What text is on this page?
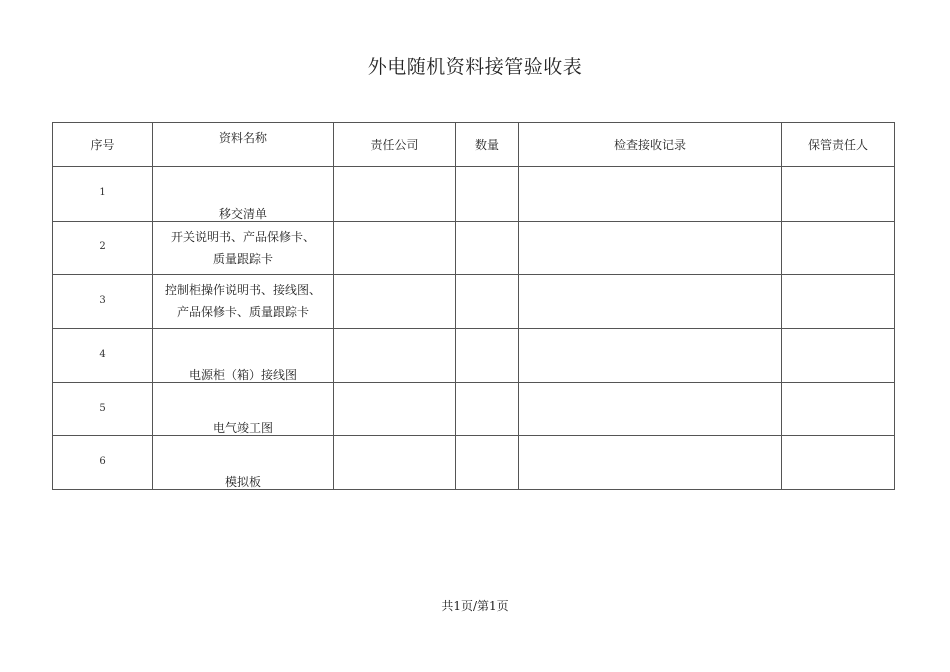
外电随机资料接管验收表
序号	资料名称	责任公司	数量	检查接收记录	保管责任人

1	移交清单				

2	开关说明书、产品保修卡、
质量跟踪卡				

3	控制柜操作说明书、接线图、
产品保修卡、质量跟踪卡				

4	电源柜（箱）接线图				

5	电气竣工图				

6	模拟板				

共1页/第1页
